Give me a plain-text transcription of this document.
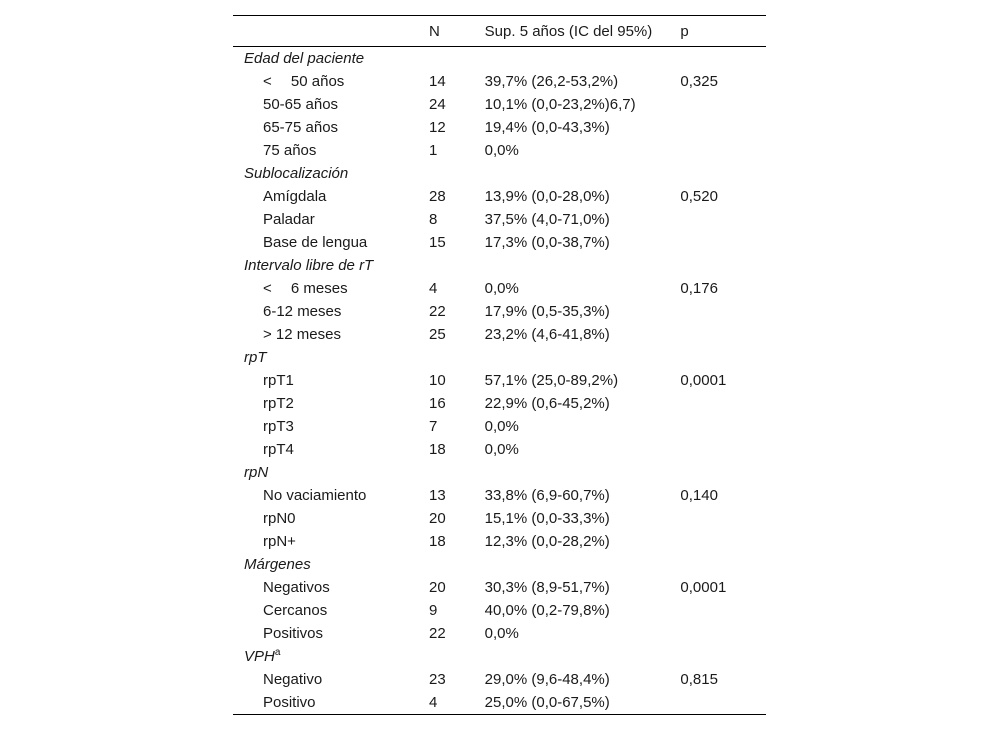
	N	Sup. 5 años (IC del 95%)	p
Edad del paciente			
<  50 años	14	39,7% (26,2-53,2%)	0,325
50-65 años	24	10,1% (0,0-23,2%)6,7)	
65-75 años	12	19,4% (0,0-43,3%)	
75 años	1	0,0%	
Sublocalización			
Amígdala	28	13,9% (0,0-28,0%)	0,520
Paladar	8	37,5% (4,0-71,0%)	
Base de lengua	15	17,3% (0,0-38,7%)	
Intervalo libre de rT			
<  6 meses	4	0,0%	0,176
6-12 meses	22	17,9% (0,5-35,3%)	
> 12 meses	25	23,2% (4,6-41,8%)	
rpT			
rpT1	10	57,1% (25,0-89,2%)	0,0001
rpT2	16	22,9% (0,6-45,2%)	
rpT3	7	0,0%	
rpT4	18	0,0%	
rpN			
No vaciamiento	13	33,8% (6,9-60,7%)	0,140
rpN0	20	15,1% (0,0-33,3%)	
rpN+	18	12,3% (0,0-28,2%)	
Márgenes			
Negativos	20	30,3% (8,9-51,7%)	0,0001
Cercanos	9	40,0% (0,2-79,8%)	
Positivos	22	0,0%	
VPH$^a$
Negativo	23	29,0% (9,6-48,4%)	0,815
Positivo	4	25,0% (0,0-67,5%)	
